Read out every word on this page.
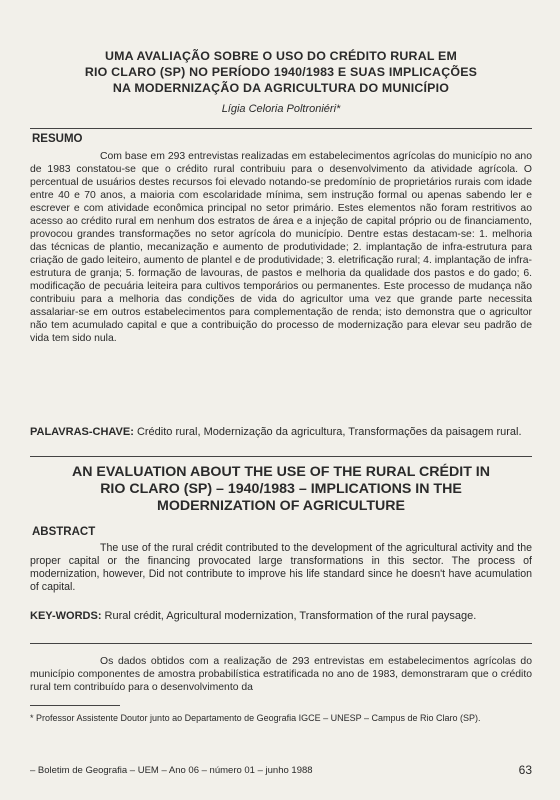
UMA AVALIAÇÃO SOBRE O USO DO CRÉDITO RURAL EM
RIO CLARO (SP) NO PERÍODO 1940/1983 E SUAS IMPLICAÇÕES
NA MODERNIZAÇÃO DA AGRICULTURA DO MUNICÍPIO
Lígia Celoria Poltroniéri*
RESUMO

Com base em 293 entrevistas realizadas em estabelecimentos agrícolas do município no ano de 1983 constatou-se que o crédito rural contribuiu para o desenvolvimento da atividade agrícola. O percentual de usuários destes recursos foi elevado notando-se predomínio de proprietários rurais com idade entre 40 e 70 anos, a maioria com escolaridade mínima, sem instrução formal ou apenas sabendo ler e escrever e com atividade econômica principal no setor primário. Estes elementos não foram restritivos ao acesso ao crédito rural em nenhum dos estratos de área e a injeção de capital próprio ou de financiamento, provocou grandes transformações no setor agrícola do município. Dentre estas destacam-se: 1. melhoria das técnicas de plantio, mecanização e aumento de produtividade; 2. implantação de infra-estrutura para criação de gado leiteiro, aumento de plantel e de produtividade; 3. eletrificação rural; 4. implantação de infra-estrutura de granja; 5. formação de lavouras, de pastos e melhoria da qualidade dos pastos e do gado; 6. modificação de pecuária leiteira para cultivos temporários ou permanentes. Este processo de mudança não contribuiu para a melhoria das condições de vida do agricultor uma vez que grande parte necessita assalariar-se em outros estabelecimentos para complementação de renda; isto demonstra que o agricultor não tem acumulado capital e que a contribuição do processo de modernização para elevar seu padrão de vida tem sido nula.

PALAVRAS-CHAVE: Crédito rural, Modernização da agricultura, Transformações da paisagem rural.

AN EVALUATION ABOUT THE USE OF THE RURAL CRÉDIT IN
RIO CLARO (SP) – 1940/1983 – IMPLICATIONS IN THE
MODERNIZATION OF AGRICULTURE
ABSTRACT

The use of the rural crédit contributed to the development of the agricultural activity and the proper capital or the financing provocated large transformations in this sector. The process of modernization, however, Did not contribute to improve his life standard since he doesn't have acumulation of capital.

KEY-WORDS: Rural crédit, Agricultural modernization, Transformation of the rural paysage.

Os dados obtidos com a realização de 293 entrevistas em estabelecimentos agrícolas do município componentes de amostra probabilística estratificada no ano de 1983, demonstraram que o crédito rural tem contribuído para o desenvolvimento da

* Professor Assistente Doutor junto ao Departamento de Geografia IGCE – UNESP – Campus de Rio Claro (SP).
– Boletim de Geografia – UEM – Ano 06 – número 01 – junho 1988	63
